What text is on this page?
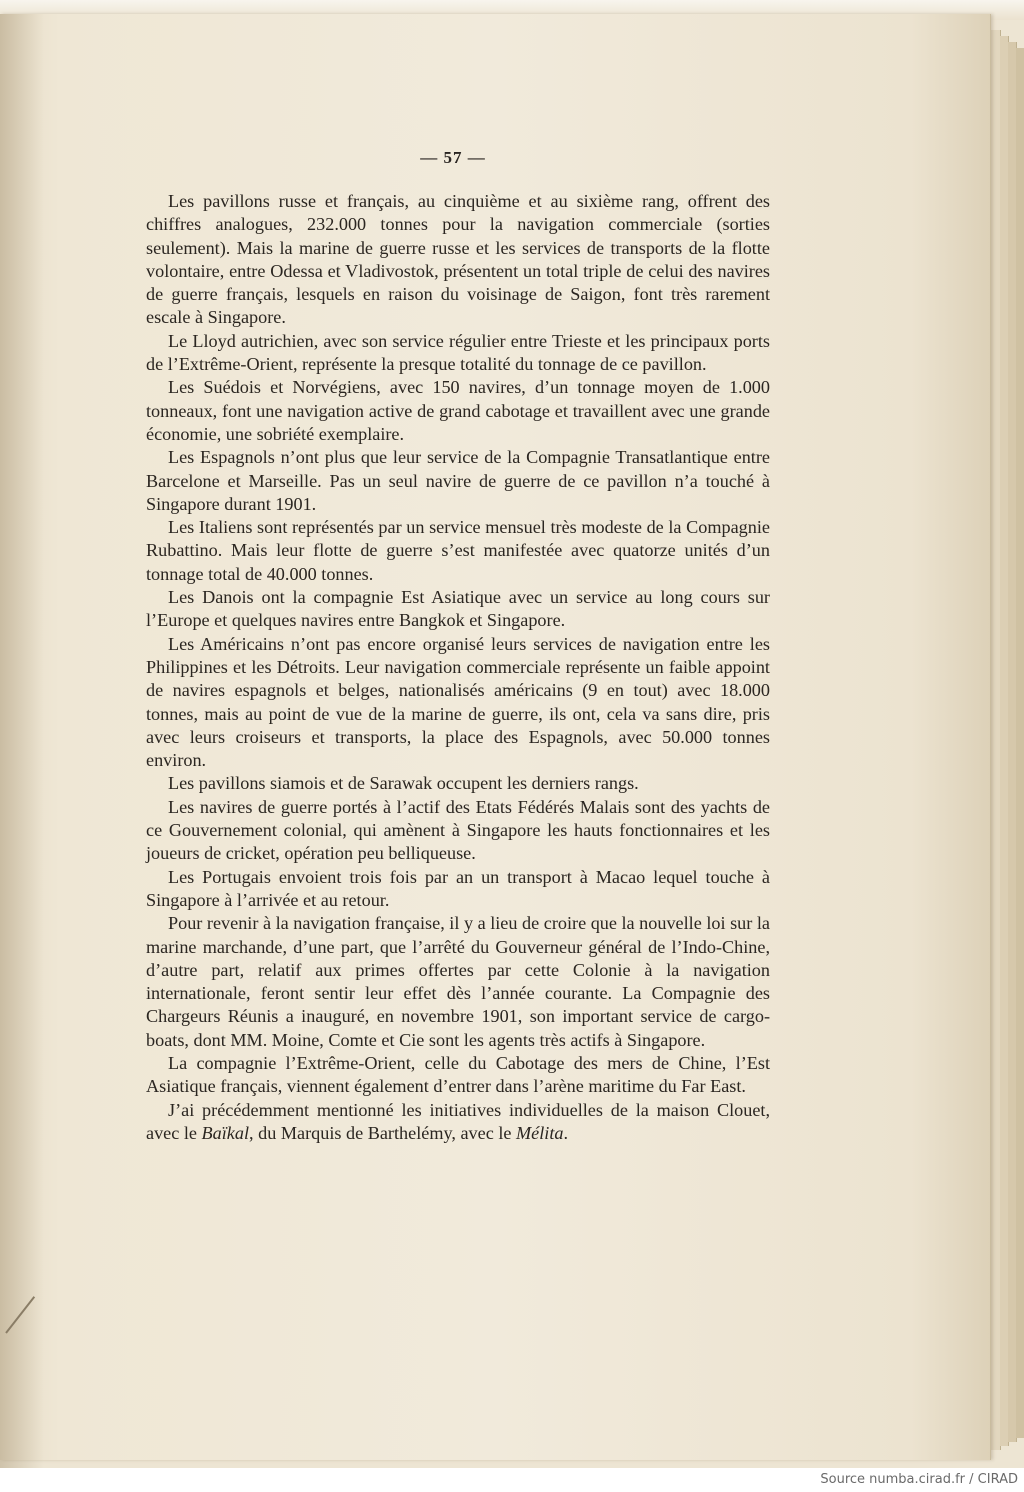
— 57 —

Les pavillons russe et français, au cinquième et au sixième rang, offrent des chiffres analogues, 232.000 tonnes pour la navigation commerciale (sorties seulement). Mais la marine de guerre russe et les services de transports de la flotte volontaire, entre Odessa et Vladivostok, présentent un total triple de celui des navires de guerre français, lesquels en raison du voisinage de Saigon, font très rarement escale à Singapore.

Le Lloyd autrichien, avec son service régulier entre Trieste et les principaux ports de l’Extrême-Orient, représente la presque totalité du tonnage de ce pavillon.

Les Suédois et Norvégiens, avec 150 navires, d’un tonnage moyen de 1.000 tonneaux, font une navigation active de grand cabotage et travaillent avec une grande économie, une sobriété exemplaire.

Les Espagnols n’ont plus que leur service de la Compagnie Transatlantique entre Barcelone et Marseille. Pas un seul navire de guerre de ce pavillon n’a touché à Singapore durant 1901.

Les Italiens sont représentés par un service mensuel très modeste de la Compagnie Rubattino. Mais leur flotte de guerre s’est manifestée avec quatorze unités d’un tonnage total de 40.000 tonnes.

Les Danois ont la compagnie Est Asiatique avec un service au long cours sur l’Europe et quelques navires entre Bangkok et Singapore.

Les Américains n’ont pas encore organisé leurs services de navigation entre les Philippines et les Détroits. Leur navigation commerciale représente un faible appoint de navires espagnols et belges, nationalisés américains (9 en tout) avec 18.000 tonnes, mais au point de vue de la marine de guerre, ils ont, cela va sans dire, pris avec leurs croiseurs et transports, la place des Espagnols, avec 50.000 tonnes environ.

Les pavillons siamois et de Sarawak occupent les derniers rangs.

Les navires de guerre portés à l’actif des Etats Fédérés Malais sont des yachts de ce Gouvernement colonial, qui amènent à Singapore les hauts fonctionnaires et les joueurs de cricket, opération peu belliqueuse.

Les Portugais envoient trois fois par an un transport à Macao lequel touche à Singapore à l’arrivée et au retour.

Pour revenir à la navigation française, il y a lieu de croire que la nouvelle loi sur la marine marchande, d’une part, que l’arrêté du Gouverneur général de l’Indo-Chine, d’autre part, relatif aux primes offertes par cette Colonie à la navigation internationale, feront sentir leur effet dès l’année courante. La Compagnie des Chargeurs Réunis a inauguré, en novembre 1901, son important service de cargo-boats, dont MM. Moine, Comte et Cie sont les agents très actifs à Singapore.

La compagnie l’Extrême-Orient, celle du Cabotage des mers de Chine, l’Est Asiatique français, viennent également d’entrer dans l’arène maritime du Far East.

J’ai précédemment mentionné les initiatives individuelles de la maison Clouet, avec le Baïkal, du Marquis de Barthelémy, avec le Mélita.

Source numba.cirad.fr / CIRAD
